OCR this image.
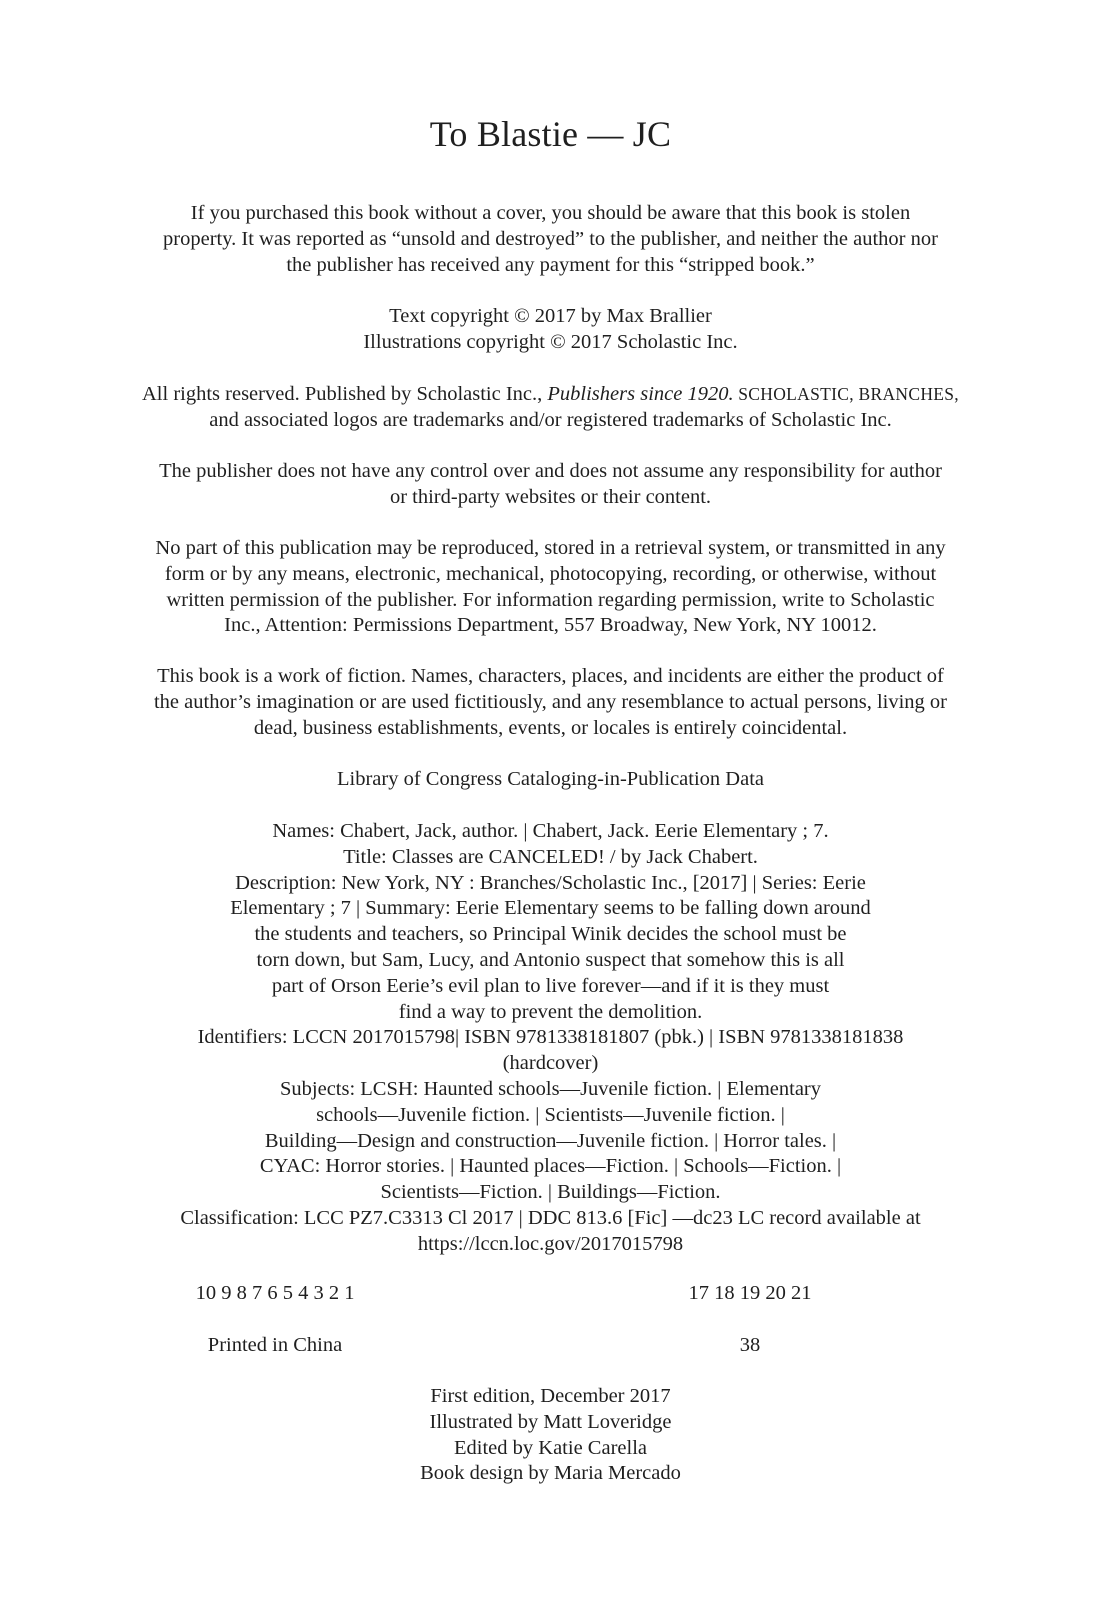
To Blastie — JC
If you purchased this book without a cover, you should be aware that this book is stolen
property. It was reported as “unsold and destroyed” to the publisher, and neither the author nor
the publisher has received any payment for this “stripped book.”
Text copyright © 2017 by Max Brallier
Illustrations copyright © 2017 Scholastic Inc.
All rights reserved. Published by Scholastic Inc., Publishers since 1920. SCHOLASTIC, BRANCHES,
and associated logos are trademarks and/or registered trademarks of Scholastic Inc.
The publisher does not have any control over and does not assume any responsibility for author
or third-party websites or their content.
No part of this publication may be reproduced, stored in a retrieval system, or transmitted in any
form or by any means, electronic, mechanical, photocopying, recording, or otherwise, without
written permission of the publisher. For information regarding permission, write to Scholastic
Inc., Attention: Permissions Department, 557 Broadway, New York, NY 10012.
This book is a work of fiction. Names, characters, places, and incidents are either the product of
the author’s imagination or are used fictitiously, and any resemblance to actual persons, living or
dead, business establishments, events, or locales is entirely coincidental.
Library of Congress Cataloging-in-Publication Data
Names: Chabert, Jack, author. | Chabert, Jack. Eerie Elementary ; 7.
Title: Classes are CANCELED! / by Jack Chabert.
Description: New York, NY : Branches/Scholastic Inc., [2017] | Series: Eerie
Elementary ; 7 | Summary: Eerie Elementary seems to be falling down around
the students and teachers, so Principal Winik decides the school must be
torn down, but Sam, Lucy, and Antonio suspect that somehow this is all
part of Orson Eerie’s evil plan to live forever—and if it is they must
find a way to prevent the demolition.
Identifiers: LCCN 2017015798| ISBN 9781338181807 (pbk.) | ISBN 9781338181838
(hardcover)
Subjects: LCSH: Haunted schools—Juvenile fiction. | Elementary
schools—Juvenile fiction. | Scientists—Juvenile fiction. |
Building—Design and construction—Juvenile fiction. | Horror tales. |
CYAC: Horror stories. | Haunted places—Fiction. | Schools—Fiction. |
Scientists—Fiction. | Buildings—Fiction.
Classification: LCC PZ7.C3313 Cl 2017 | DDC 813.6 [Fic] —dc23 LC record available at
https://lccn.loc.gov/2017015798
10 9 8 7 6 5 4 3 2 1	17 18 19 20 21
Printed in China	38
First edition, December 2017
Illustrated by Matt Loveridge
Edited by Katie Carella
Book design by Maria Mercado
